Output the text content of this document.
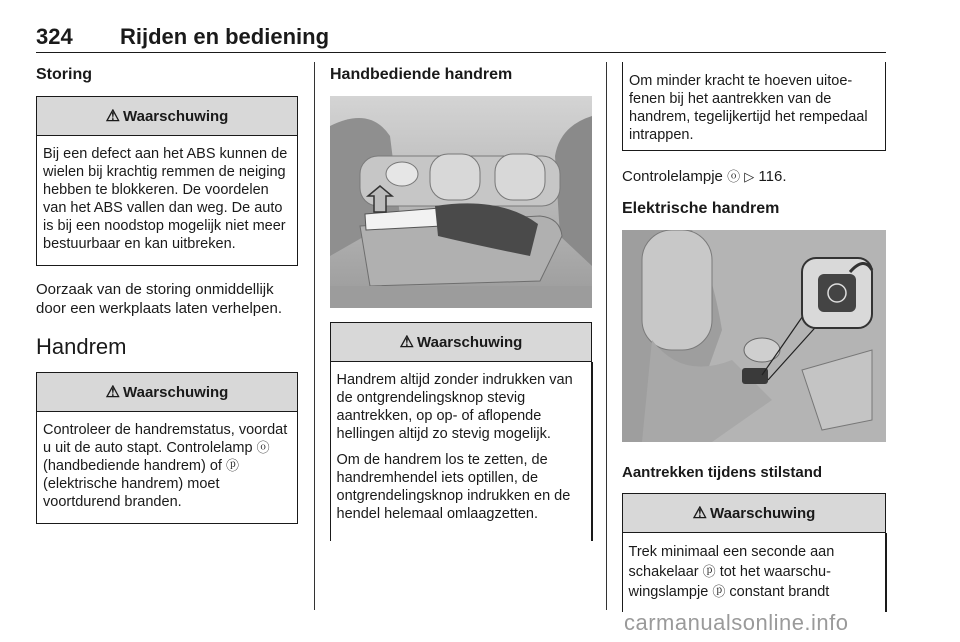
324 Rijden en bediening
Storing
⚠ Waarschuwing

Bij een defect aan het ABS kunnen de wielen bij krachtig remmen de neiging hebben te blokkeren. De voordelen van het ABS vallen dan weg. De auto is bij een noodstop mogelijk niet meer bestuurbaar en kan uitbreken.

Oorzaak van de storing onmiddellijk door een werkplaats laten verhelpen.

Handrem
⚠ Waarschuwing

Controleer de handremstatus, voordat u uit de auto stapt. Controlelamp ⓞ (handbediende handrem) of ⓟ (elektrische handrem) moet voortdurend branden.

Handbediende handrem
⚠ Waarschuwing

Handrem altijd zonder indrukken van de ontgrendelingsknop stevig aantrekken, op op- of aflopende hellingen altijd zo stevig mogelijk.

Om de handrem los te zetten, de handremhendel iets optillen, de ontgrendelingsknop indrukken en de hendel helemaal omlaagzetten.

Om minder kracht te hoeven uitoefenen bij het aantrekken van de handrem, tegelijkertijd het rempedaal intrappen.

Controlelampje ⓞ ▷ 116.

Elektrische handrem
Aantrekken tijdens stilstand
⚠ Waarschuwing

Trek minimaal een seconde aan schakelaar ⓟ tot het waarschuwingslampje ⓟ constant brandt

carmanualsonline.info
